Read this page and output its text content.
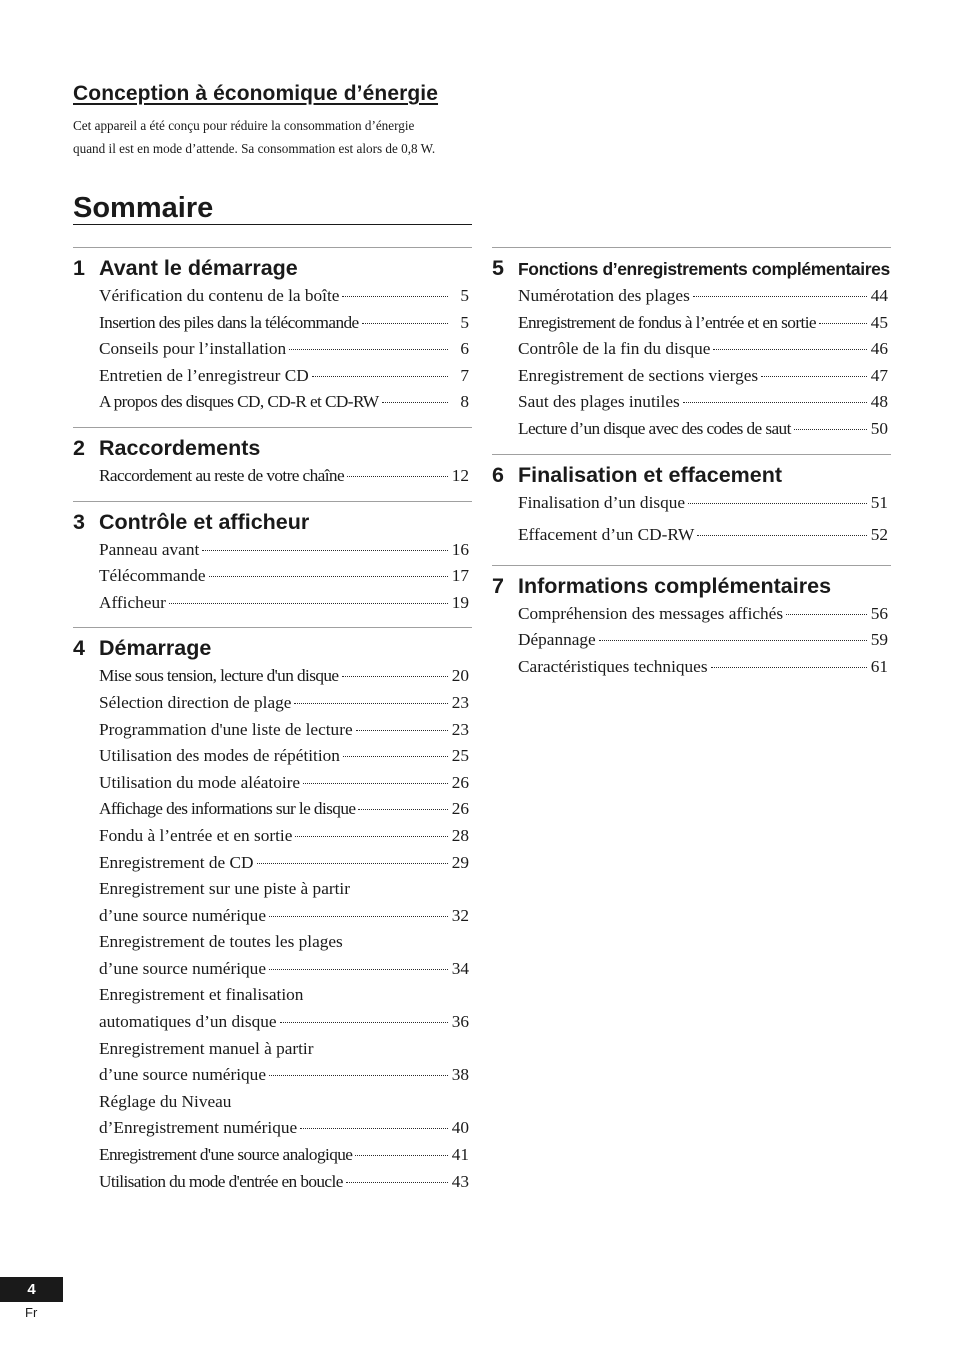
Conception à économique d’énergie

Cet appareil a été conçu pour réduire la consommation d’énergie
quand il est en mode d’attende. Sa consommation est alors de 0,8 W.

Sommaire
1 Avant le démarrage
Vérification du contenu de la boîte	5
Insertion des piles dans la télécommande	5
Conseils pour l’installation	6
Entretien de l’enregistreur CD	7
A propos des disques CD, CD-R et CD-RW	8
2 Raccordements
Raccordement au reste de votre chaîne	12
3 Contrôle et afficheur
Panneau avant	16
Télécommande	17
Afficheur	19
4 Démarrage
Mise sous tension, lecture d'un disque	20
Sélection direction de plage	23
Programmation d'une liste de lecture	23
Utilisation des modes de répétition	25
Utilisation du mode aléatoire	26
Affichage des informations sur le disque	26
Fondu à l’entrée et en sortie	28
Enregistrement de CD	29
Enregistrement sur une piste à partir
d’une source numérique	32
Enregistrement de toutes les plages
d’une source numérique	34
Enregistrement et finalisation
automatiques d’un disque	36
Enregistrement manuel à partir
d’une source numérique	38
Réglage du Niveau
d’Enregistrement numérique	40
Enregistrement d'une source analogique	41
Utilisation du mode d'entrée en boucle	43
5 Fonctions d’enregistrements complémentaires
Numérotation des plages	44
Enregistrement de fondus à l’entrée et en sortie	45
Contrôle de la fin du disque	46
Enregistrement de sections vierges	47
Saut des plages inutiles	48
Lecture d’un disque avec des codes de saut	50
6 Finalisation et effacement
Finalisation d’un disque	51
Effacement d’un CD-RW	52
7 Informations complémentaires
Compréhension des messages affichés	56
Dépannage	59
Caractéristiques techniques	61
4
Fr
